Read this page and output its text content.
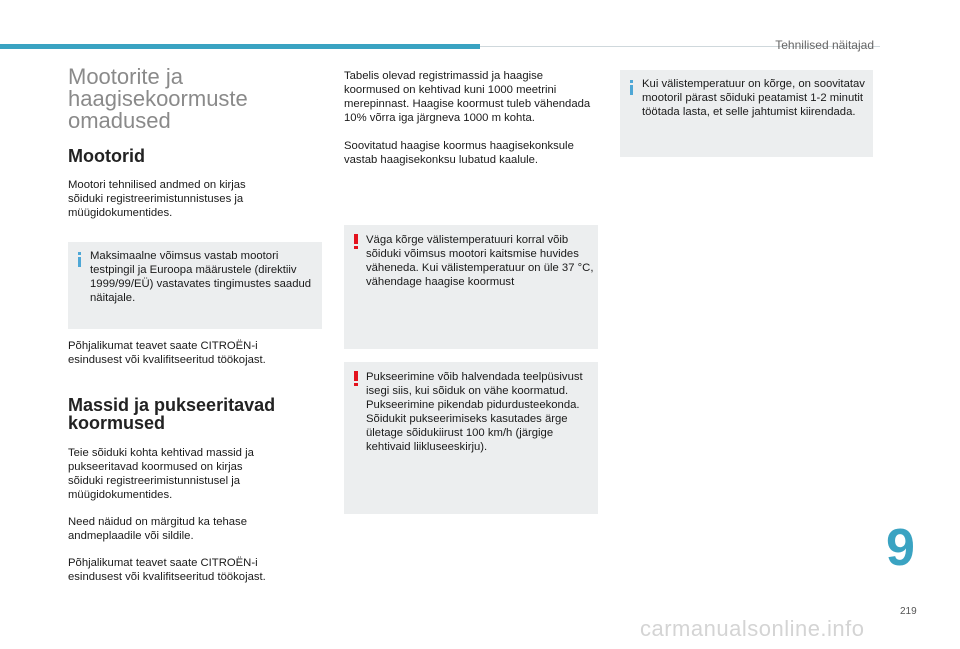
Tehnilised näitajad
Mootorite ja haagisekoormuste omadused
Mootorid

Mootori tehnilised andmed on kirjas sõiduki registreerimistunnistuses ja müügidokumentides.

Maksimaalne võimsus vastab mootori testpingil ja Euroopa määrustele (direktiiv 1999/99/EÜ) vastavates tingimustes saadud näitajale.

Põhjalikumat teavet saate CITROËN-i esindusest või kvalifitseeritud töökojast.

Massid ja pukseeritavad koormused

Teie sõiduki kohta kehtivad massid ja pukseeritavad koormused on kirjas sõiduki registreerimistunnistusel ja müügidokumentides.

Need näidud on märgitud ka tehase andmeplaadile või sildile.

Põhjalikumat teavet saate CITROËN-i esindusest või kvalifitseeritud töökojast.

Tabelis olevad registrimassid ja haagise koormused on kehtivad kuni 1000 meetrini merepinnast. Haagise koormust tuleb vähendada 10% võrra iga järgneva 1000 m kohta.

Soovitatud haagise koormus haagisekonksule vastab haagisekonksu lubatud kaalule.

Väga kõrge välistemperatuuri korral võib sõiduki võimsus mootori kaitsmise huvides väheneda. Kui välistemperatuur on üle 37 °C, vähendage haagise koormust
Pukseerimine võib halvendada teelpüsivust isegi siis, kui sõiduk on vähe koormatud.
Pukseerimine pikendab pidurdusteekonda.
Sõidukit pukseerimiseks kasutades ärge ületage sõidukiirust 100 km/h (järgige kehtivaid liikluseeskirju).
Kui välistemperatuur on kõrge, on soovitatav mootoril pärast sõiduki peatamist 1-2 minutit töötada lasta, et selle jahtumist kiirendada.
9
219
carmanualsonline.info
